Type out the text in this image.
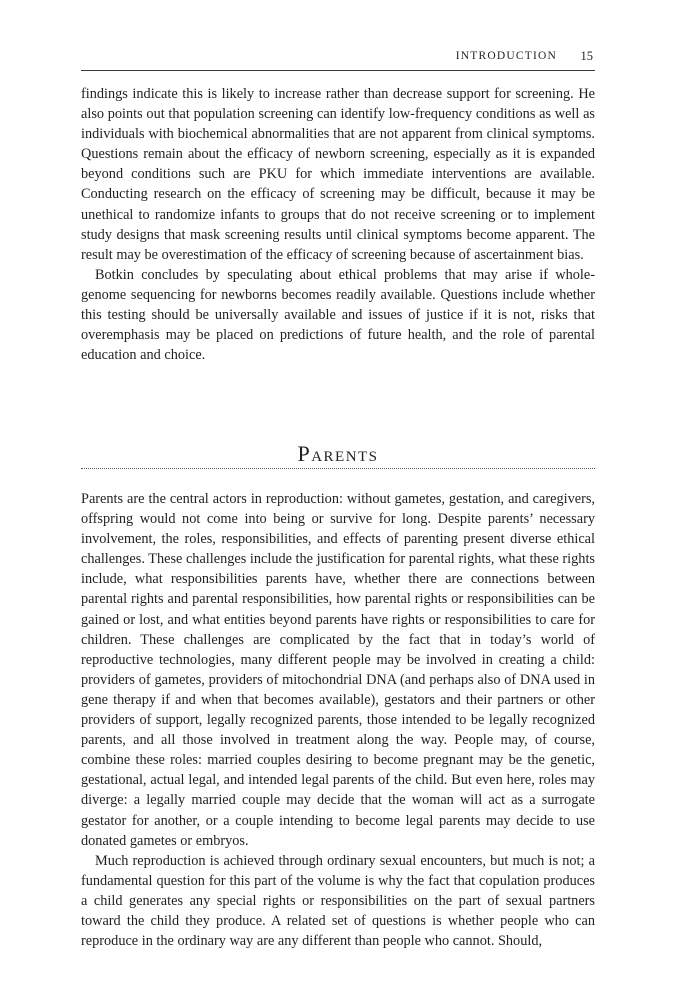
INTRODUCTION 15

findings indicate this is likely to increase rather than decrease support for screening. He also points out that population screening can identify low-frequency conditions as well as individuals with biochemical abnormalities that are not apparent from clinical symptoms. Questions remain about the efficacy of newborn screening, especially as it is expanded beyond conditions such are PKU for which immediate interventions are available. Conducting research on the efficacy of screening may be difficult, because it may be unethical to randomize infants to groups that do not receive screening or to implement study designs that mask screening results until clinical symptoms become apparent. The result may be overestimation of the efficacy of screening because of ascertainment bias.

Botkin concludes by speculating about ethical problems that may arise if whole-genome sequencing for newborns becomes readily available. Questions include whether this testing should be universally available and issues of justice if it is not, risks that overemphasis may be placed on predictions of future health, and the role of parental education and choice.

Parents

Parents are the central actors in reproduction: without gametes, gestation, and caregivers, offspring would not come into being or survive for long. Despite parents’ necessary involvement, the roles, responsibilities, and effects of parenting present diverse ethical challenges. These challenges include the justification for parental rights, what these rights include, what responsibilities parents have, whether there are connections between parental rights and parental responsibilities, how parental rights or responsibilities can be gained or lost, and what entities beyond parents have rights or responsibilities to care for children. These challenges are complicated by the fact that in today’s world of reproductive technologies, many different people may be involved in creating a child: providers of gametes, providers of mitochondrial DNA (and perhaps also of DNA used in gene therapy if and when that becomes available), gestators and their partners or other providers of support, legally recognized parents, those intended to be legally recognized parents, and all those involved in treatment along the way. People may, of course, combine these roles: married couples desiring to become pregnant may be the genetic, gestational, actual legal, and intended legal parents of the child. But even here, roles may diverge: a legally married couple may decide that the woman will act as a surrogate gestator for another, or a couple intending to become legal parents may decide to use donated gametes or embryos.

Much reproduction is achieved through ordinary sexual encounters, but much is not; a fundamental question for this part of the volume is why the fact that copulation produces a child generates any special rights or responsibilities on the part of sexual partners toward the child they produce. A related set of questions is whether people who can reproduce in the ordinary way are any different than people who cannot. Should,
